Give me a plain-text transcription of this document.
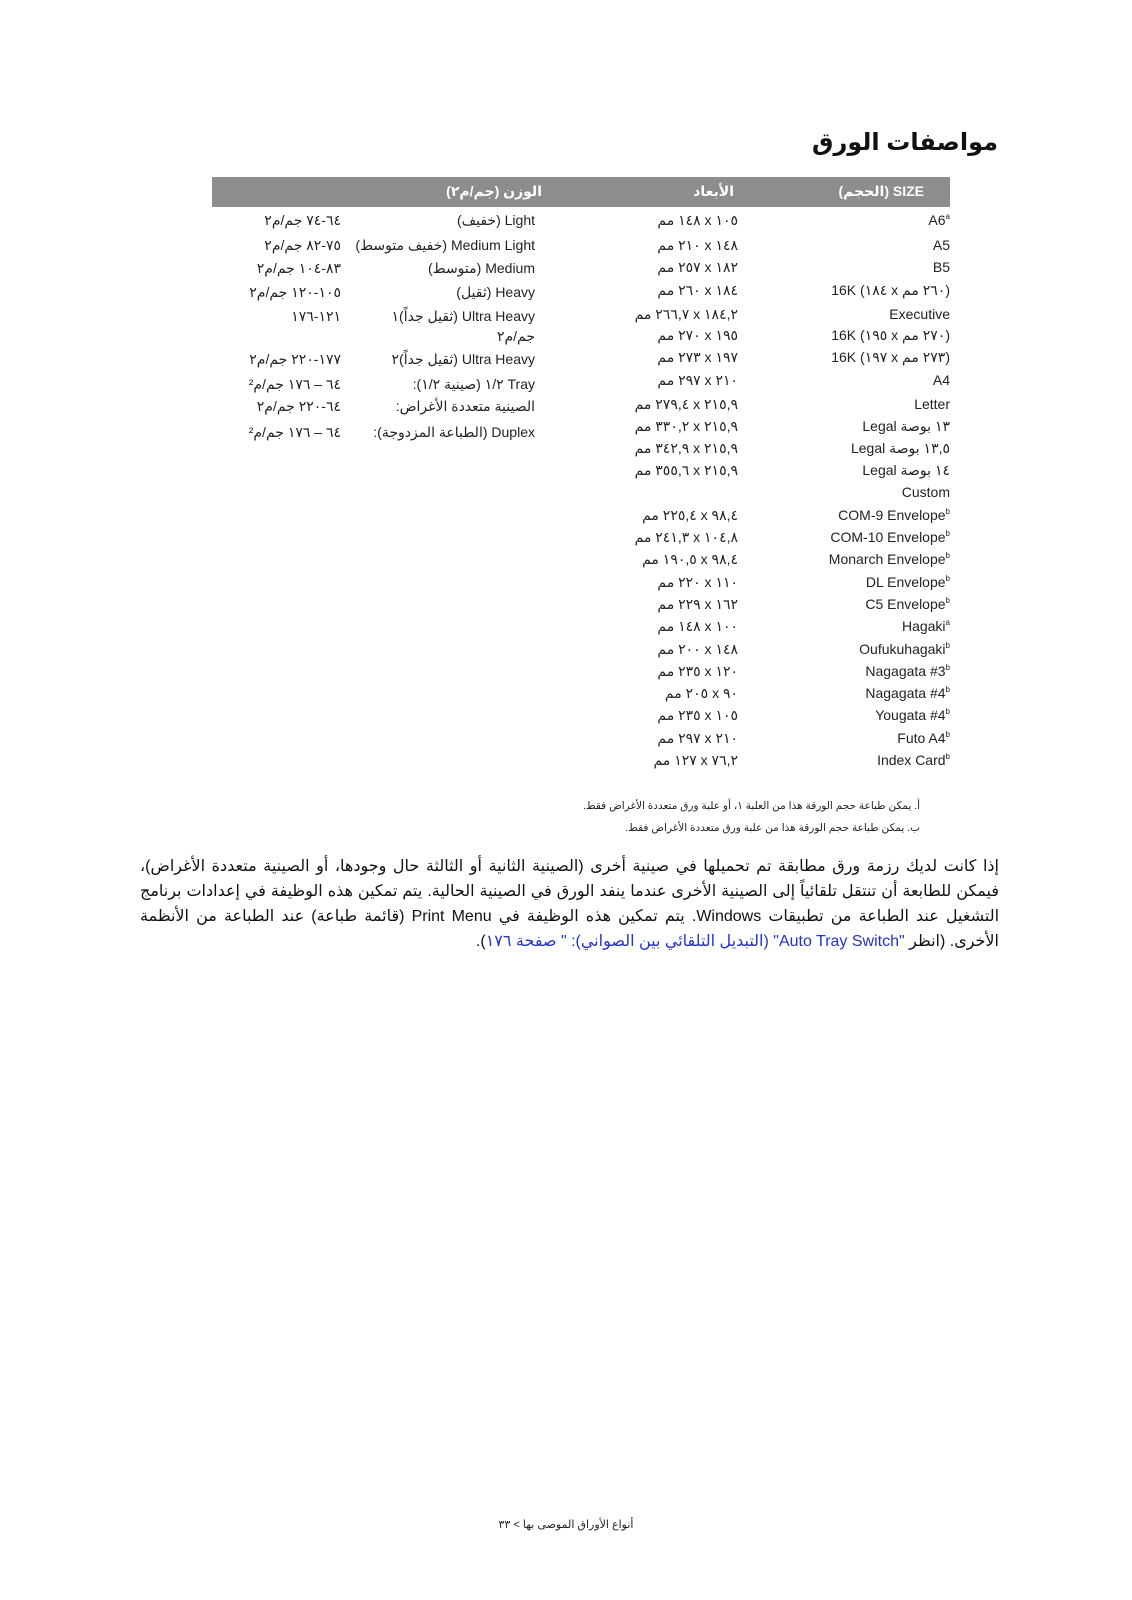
مواصفات الورق
SIZE (الحجم)
الأبعاد
الوزن (جم/م٢)
A6$^a$
١٠٥ x ١٤٨ مم
A5
١٤٨ x ٢١٠ مم
B5
١٨٢ x ٢٥٧ مم
16K (١٨٤ x ٢٦٠ مم)
١٨٤ x ٢٦٠ مم
Executive
١٨٤,٢ x ٢٦٦,٧ مم
16K (١٩٥ x ٢٧٠ مم)
١٩٥ x ٢٧٠ مم
16K (١٩٧ x ٢٧٣ مم)
١٩٧ x ٢٧٣ مم
A4
٢١٠ x ٢٩٧ مم
Letter
٢١٥,٩ x ٢٧٩,٤ مم
Legal ١٣ بوصة
٢١٥,٩ x ٣٣٠,٢ مم
Legal ١٣,٥ بوصة
٢١٥,٩ x ٣٤٢,٩ مم
Legal ١٤ بوصة
٢١٥,٩ x ٣٥٥,٦ مم
Custom
COM-9 Envelope$^b$
٩٨,٤ x ٢٢٥,٤ مم
COM-10 Envelope$^b$
١٠٤,٨ x ٢٤١,٣ مم
Monarch Envelope$^b$
٩٨,٤ x ١٩٠,٥ مم
DL Envelope$^b$
١١٠ x ٢٢٠ مم
C5 Envelope$^b$
١٦٢ x ٢٢٩ مم
Hagaki$^a$
١٠٠ x ١٤٨ مم
Oufukuhagaki$^b$
١٤٨ x ٢٠٠ مم
Nagagata #3$^b$
١٢٠ x ٢٣٥ مم
Nagagata #4$^b$
٩٠ x ٢٠٥ مم
Yougata #4$^b$
١٠٥ x ٢٣٥ مم
Futo A4$^b$
٢١٠ x ٢٩٧ مم
Index Card$^b$
٧٦,٢ x ١٢٧ مم
Light (خفيف)
٦٤-٧٤ جم/م٢
Medium Light (خفيف متوسط)
٧٥-٨٢ جم/م٢
Medium (متوسط)
٨٣-١٠٤ جم/م٢
Heavy (ثقيل)
١٠٥-١٢٠ جم/م٢
Ultra Heavy (ثقيل جداً)١
١٢١-١٧٦
جم/م٢
Ultra Heavy (ثقيل جداً)٢
١٧٧-٢٢٠ جم/م٢
Tray ١/٢ (صينية ١/٢):
٦٤ – ١٧٦ جم/م²
الصينية متعددة الأغراض:
٦٤-٢٢٠ جم/م٢
Duplex (الطباعة المزدوجة):
٦٤ – ١٧٦ جم/م²
أ. يمكن طباعة حجم الورقة هذا من العلبة ١، أو علبة ورق متعددة الأغراض فقط.
ب. يمكن طباعة حجم الورقة هذا من علبة ورق متعددة الأغراض فقط.
إذا كانت لديك رزمة ورق مطابقة تم تحميلها في صينية أخرى (الصينية الثانية أو الثالثة حال وجودها، أو الصينية متعددة الأغراض)، فيمكن للطابعة أن تنتقل تلقائياً إلى الصينية الأخرى عندما ينفد الورق في الصينية الحالية. يتم تمكين هذه الوظيفة في إعدادات برنامج التشغيل عند الطباعة من تطبيقات Windows. يتم تمكين هذه الوظيفة في Print Menu (قائمة طباعة) عند الطباعة من الأنظمة الأخرى. (انظر "Auto Tray Switch" (التبديل التلقائي بين الصواني): " صفحة ١٧٦).
أنواع الأوراق الموصى بها > ٣٣
